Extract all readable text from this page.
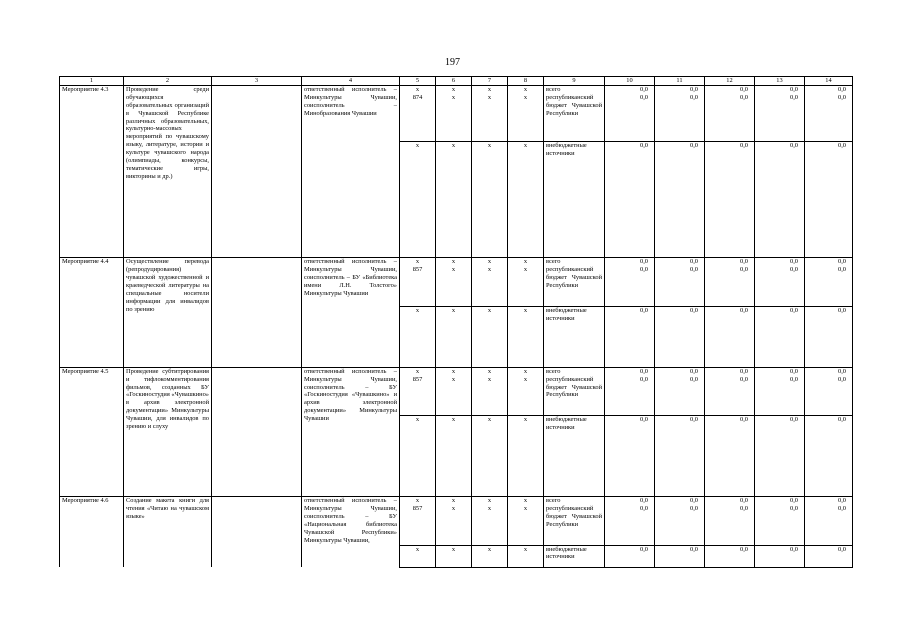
197
1	2	3	4	5	6	7	8	9	10	11	12	13	14
Мероприятие 4.3	Проведение среди обучающихся образовательных организаций в Чувашской Республике различных образовательных, культурно-массовых мероприятий по чувашскому языку, литературе, истории и культуре чувашского народа (олимпиады, конкурсы, тематические игры, викторины и др.)		ответственный исполнитель – Минкультуры Чувашии, соисполнитель – Минобразования Чувашии	х	х	х	х	всего	0,0	0,0	0,0	0,0	0,0
				874	х	х	х	республиканский бюджет Чувашской Республики	0,0	0,0	0,0	0,0	0,0
				х	х	х	х	внебюджетные источники	0,0	0,0	0,0	0,0	0,0
Мероприятие 4.4	Осуществление перевода (репродуцирования) чувашской художественной и краеведческой литературы на специальные носители информации для инвалидов по зрению		ответственный исполнитель – Минкультуры Чувашии, соисполнитель – БУ «Библиотека имени Л.Н. Толстого» Минкультуры Чувашии	х	х	х	х	всего	0,0	0,0	0,0	0,0	0,0
				857	х	х	х	республиканский бюджет Чувашской Республики	0,0	0,0	0,0	0,0	0,0
				х	х	х	х	внебюджетные источники	0,0	0,0	0,0	0,0	0,0
Мероприятие 4.5	Проведение субтитрирования и тифлокомментирования фильмов, созданных БУ «Госкиностудия «Чувашкино» в архив электронной документации» Минкультуры Чувашии, для инвалидов по зрению и слуху		ответственный исполнитель – Минкультуры Чувашии, соисполнитель – БУ «Госкиностудия «Чувашкино» и архив электронной документации» Минкультуры Чувашии	х	х	х	х	всего	0,0	0,0	0,0	0,0	0,0
				857	х	х	х	республиканский бюджет Чувашской Республики	0,0	0,0	0,0	0,0	0,0
				х	х	х	х	внебюджетные источники	0,0	0,0	0,0	0,0	0,0
Мероприятие 4.6	Создание макета книги для чтения «Читаю на чувашском языке»		ответственный исполнитель – Минкультуры Чувашии, соисполнитель – БУ «Национальная библиотека Чувашской Республики» Минкультуры Чувашии,	х	х	х	х	всего	0,0	0,0	0,0	0,0	0,0
				857	х	х	х	республиканский бюджет Чувашской Республики	0,0	0,0	0,0	0,0	0,0
				х	х	х	х	внебюджетные источники	0,0	0,0	0,0	0,0	0,0
